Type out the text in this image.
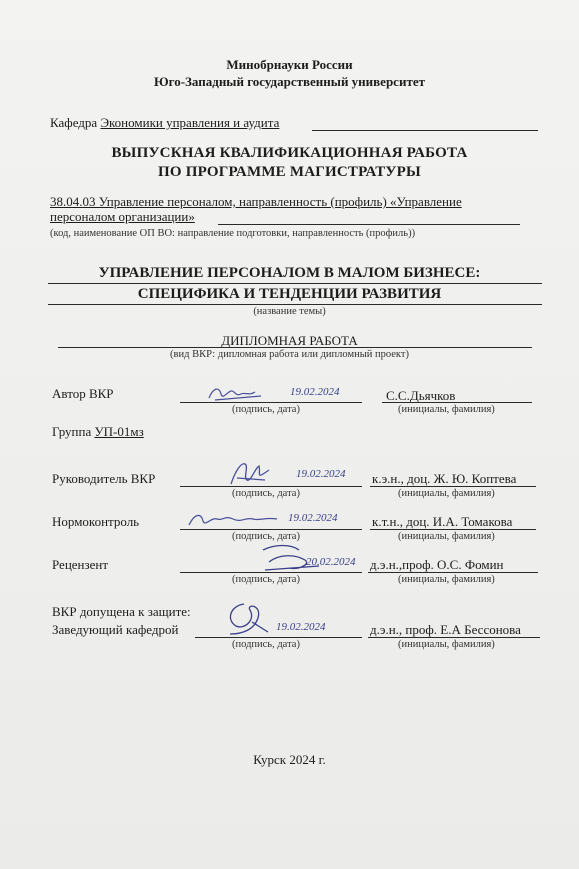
Минобрнауки России
Юго-Западный государственный университет
Кафедра Экономики управления и аудита
ВЫПУСКНАЯ КВАЛИФИКАЦИОННАЯ РАБОТА
ПО ПРОГРАММЕ МАГИСТРАТУРЫ
38.04.03 Управление персоналом, направленность (профиль) «Управление
персоналом организации»
(код, наименование ОП ВО: направление подготовки, направленность (профиль))
УПРАВЛЕНИЕ ПЕРСОНАЛОМ В МАЛОМ БИЗНЕСЕ:
СПЕЦИФИКА И ТЕНДЕНЦИИ РАЗВИТИЯ
(название темы)
ДИПЛОМНАЯ РАБОТА
(вид ВКР: дипломная работа или дипломный проект)
Автор ВКР	19.02.2024	С.С.Дьячков
(подпись, дата)	(инициалы, фамилия)
Группа УП-01мз
Руководитель ВКР	19.02.2024 к.э.н., доц. Ж. Ю. Коптева
(подпись, дата)	(инициалы, фамилия)
Нормоконтроль	19.02.2024	к.т.н., доц. И.А. Томакова
(подпись, дата)	(инициалы, фамилия)
Рецензент	20.02.2024 д.э.н.,проф. О.С. Фомин
(подпись, дата)	(инициалы, фамилия)
ВКР допущена к защите:
Заведующий кафедрой	19.02.2024	д.э.н., проф. Е.А Бессонова
(подпись, дата)	(инициалы, фамилия)
Курск 2024 г.
